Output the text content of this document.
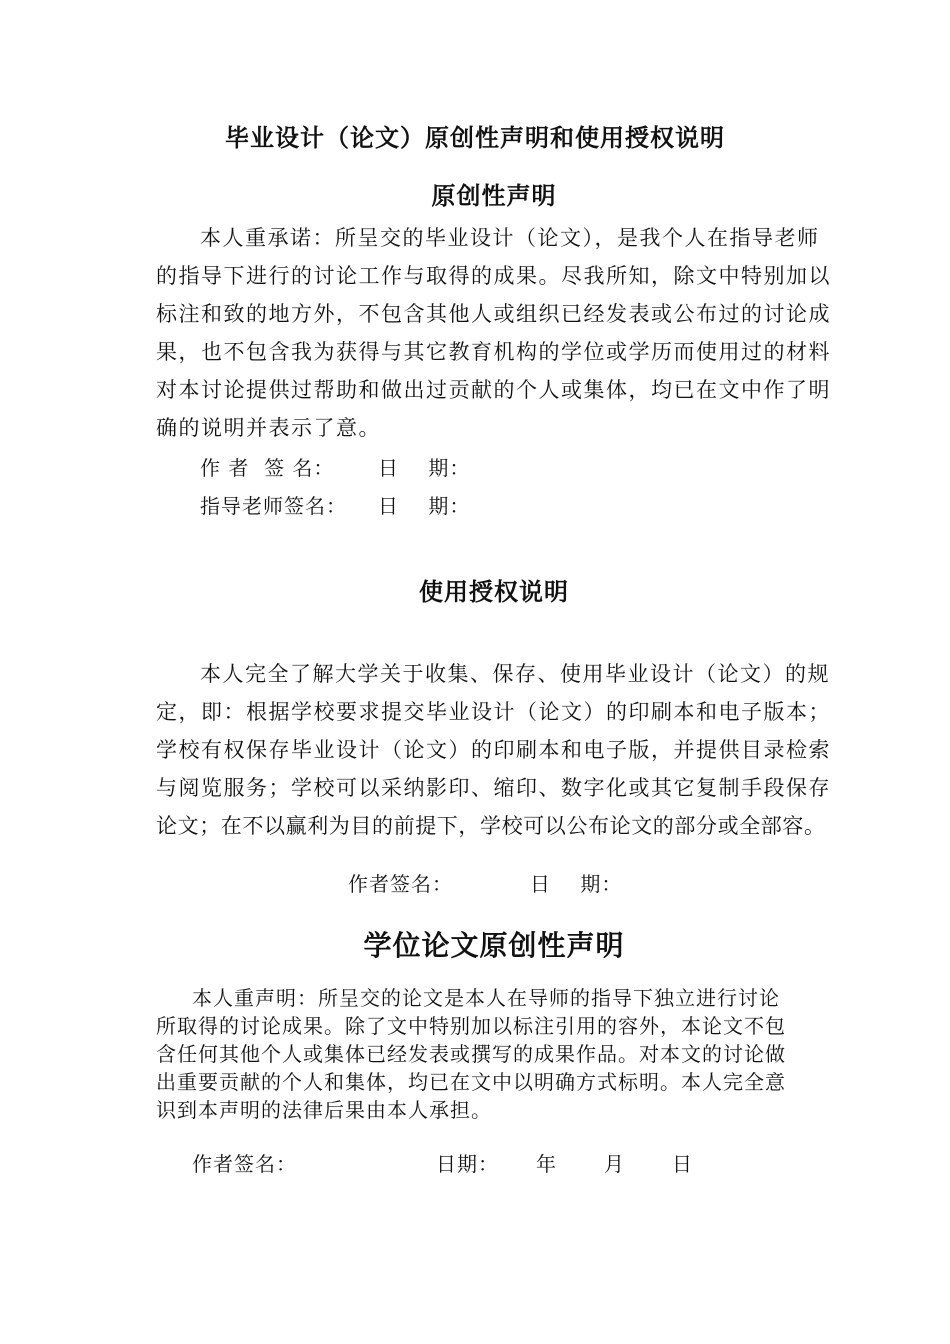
毕业设计（论文）原创性声明和使用授权说明
原创性声明
本人重承诺：所呈交的毕业设计（论文），是我个人在指导老师
的指导下进行的讨论工作与取得的成果。尽我所知，除文中特别加以
标注和致的地方外，不包含其他人或组织已经发表或公布过的讨论成
果，也不包含我为获得与其它教育机构的学位或学历而使用过的材料
对本讨论提供过帮助和做出过贡献的个人或集体，均已在文中作了明
确的说明并表示了意。
作 者  签 名： 日    期：
指导老师签名： 日    期：
使用授权说明
本人完全了解大学关于收集、保存、使用毕业设计（论文）的规
定，即：根据学校要求提交毕业设计（论文）的印刷本和电子版本；
学校有权保存毕业设计（论文）的印刷本和电子版，并提供目录检索
与阅览服务；学校可以采纳影印、缩印、数字化或其它复制手段保存
论文；在不以赢利为目的前提下，学校可以公布论文的部分或全部容。
作者签名：	日    期：
学位论文原创性声明
本人重声明：所呈交的论文是本人在导师的指导下独立进行讨论
所取得的讨论成果。除了文中特别加以标注引用的容外，本论文不包
含任何其他个人或集体已经发表或撰写的成果作品。对本文的讨论做
出重要贡献的个人和集体，均已在文中以明确方式标明。本人完全意
识到本声明的法律后果由本人承担。
作者签名：	日期： 年 月 日
